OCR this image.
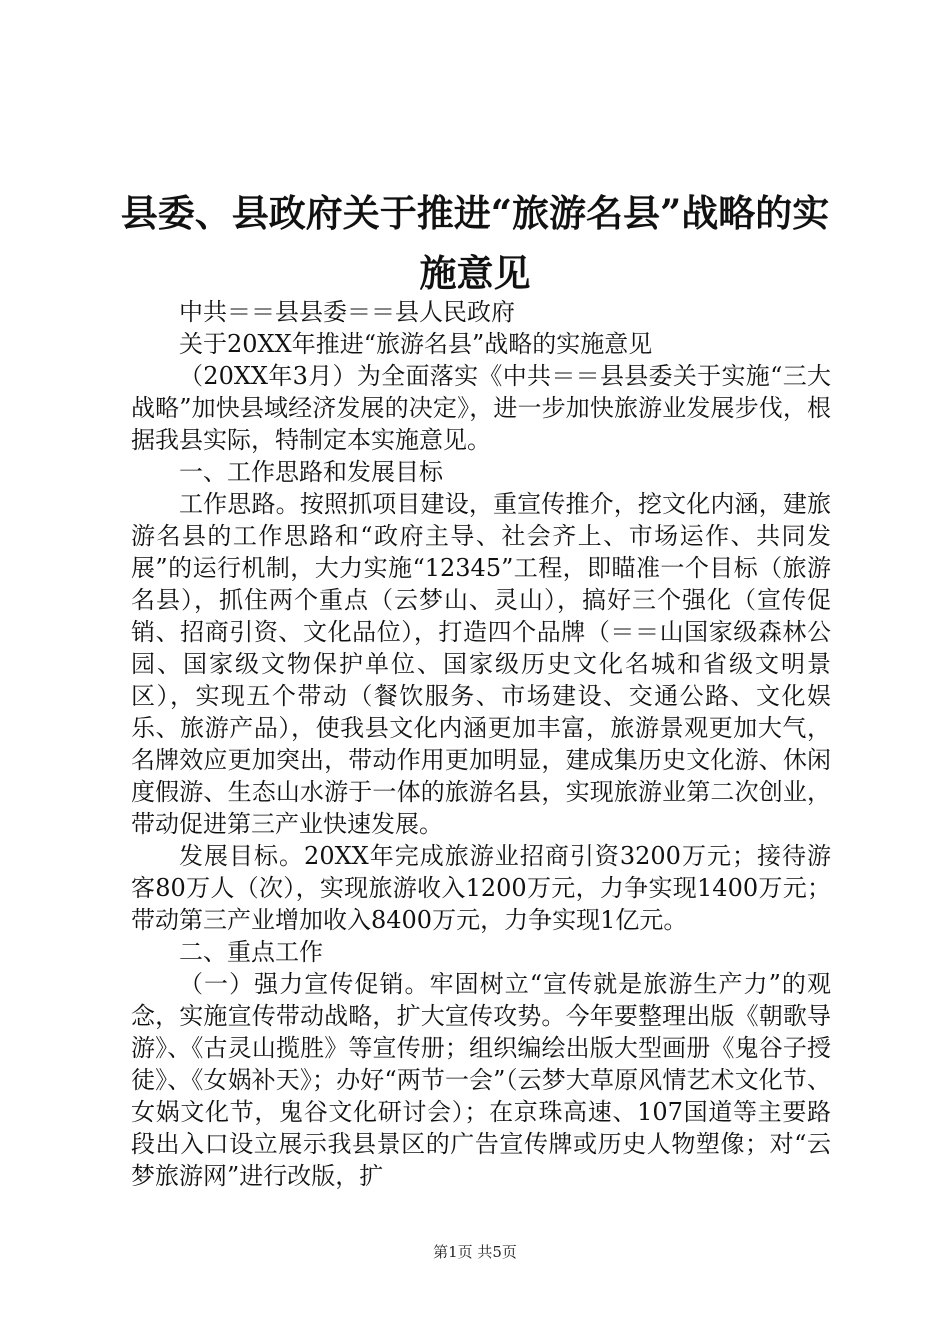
县委、县政府关于推进“旅游名县”战略的实施意见

中共＝＝县县委＝＝县人民政府

关于20XX年推进“旅游名县”战略的实施意见

（20XX年3月）为全面落实《中共＝＝县县委关于实施“三大战略”加快县域经济发展的决定》，进一步加快旅游业发展步伐，根据我县实际，特制定本实施意见。

一、工作思路和发展目标

工作思路。按照抓项目建设，重宣传推介，挖文化内涵，建旅游名县的工作思路和“政府主导、社会齐上、市场运作、共同发展”的运行机制，大力实施“12345”工程，即瞄准一个目标（旅游名县），抓住两个重点（云梦山、灵山），搞好三个强化（宣传促销、招商引资、文化品位），打造四个品牌（＝＝山国家级森林公园、国家级文物保护单位、国家级历史文化名城和省级文明景区），实现五个带动（餐饮服务、市场建设、交通公路、文化娱乐、旅游产品），使我县文化内涵更加丰富，旅游景观更加大气，名牌效应更加突出，带动作用更加明显，建成集历史文化游、休闲度假游、生态山水游于一体的旅游名县，实现旅游业第二次创业，带动促进第三产业快速发展。

发展目标。20XX年完成旅游业招商引资3200万元；接待游客80万人（次），实现旅游收入1200万元，力争实现1400万元；带动第三产业增加收入8400万元，力争实现1亿元。

二、重点工作

（一）强力宣传促销。牢固树立“宣传就是旅游生产力”的观念，实施宣传带动战略，扩大宣传攻势。今年要整理出版《朝歌导游》、《古灵山揽胜》等宣传册；组织编绘出版大型画册《鬼谷子授徒》、《女娲补天》；办好“两节一会”（云梦大草原风情艺术文化节、女娲文化节，鬼谷文化研讨会）；在京珠高速、107国道等主要路段出入口设立展示我县景区的广告宣传牌或历史人物塑像；对“云梦旅游网”进行改版，扩

第1页 共5页
